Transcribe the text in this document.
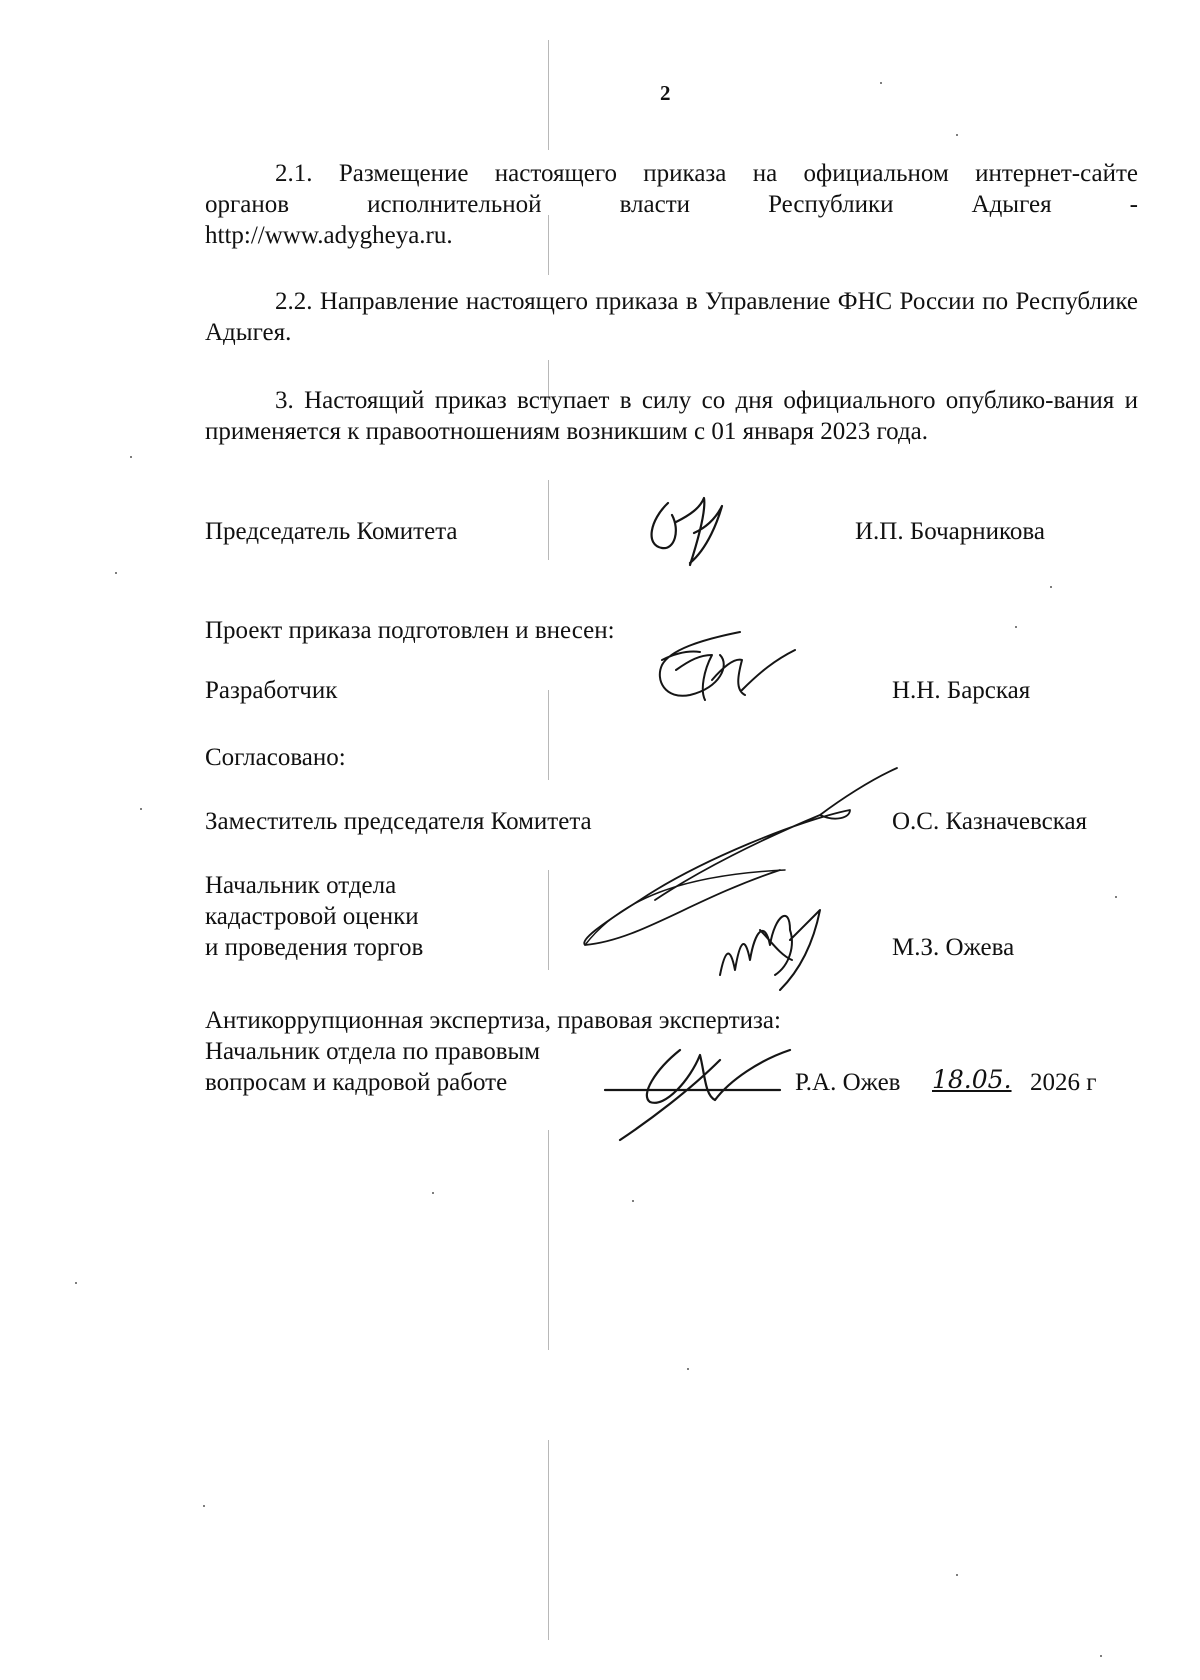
2
2.1. Размещение настоящего приказа на официальном интернет-сайте
органов	исполнительной	власти	Республики	Адыгея	-
http://www.adygheya.ru.

2.2. Направление настоящего приказа в Управление ФНС России по Республике Адыгея.

3. Настоящий приказ вступает в силу со дня официального опублико-вания и применяется к правоотношениям возникшим с 01 января 2023 года.

Председатель Комитета	И.П. Бочарникова
Проект приказа подготовлен и внесен:
Разработчик	Н.Н. Барская
Согласовано:
Заместитель председателя Комитета	О.С. Казначевская
Начальник отдела
кадастровой оценки
и проведения торгов	М.З. Ожева
Антикоррупционная экспертиза, правовая экспертиза:
Начальник отдела по правовым
вопросам и кадровой работе	Р.А. Ожев 18.05. 2026 г
